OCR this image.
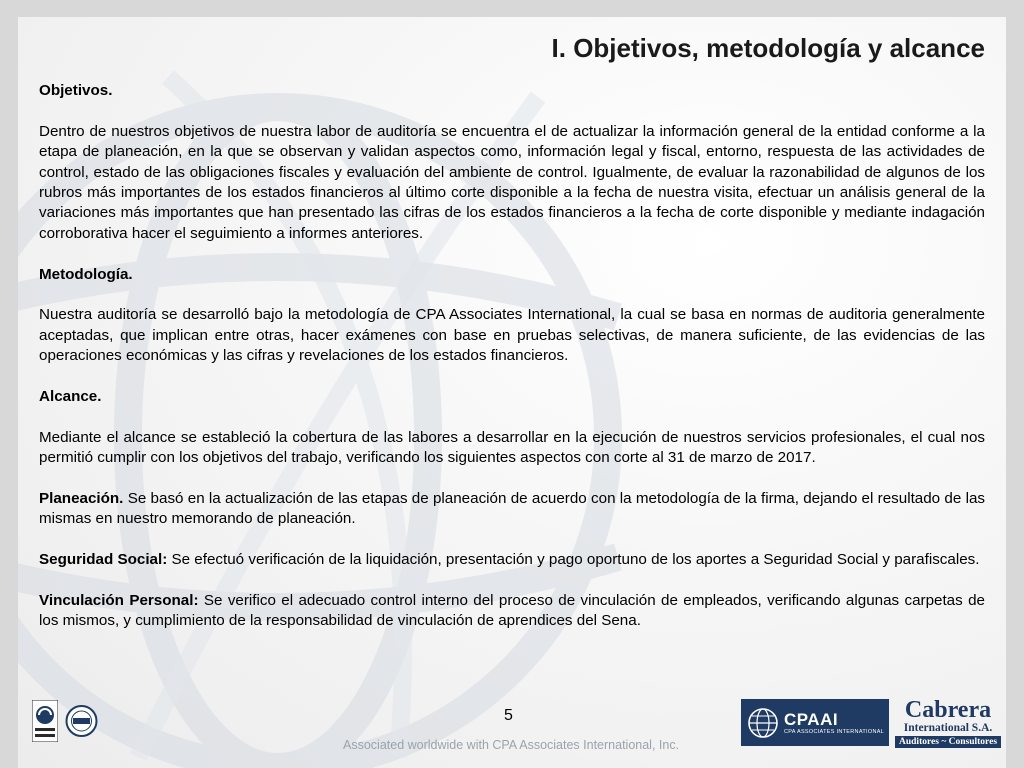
I. Objetivos, metodología y alcance

Objetivos.

Dentro de nuestros objetivos de nuestra labor de auditoría se encuentra el de actualizar la información general de la entidad conforme a la etapa de planeación, en la que se observan y validan aspectos como, información legal y fiscal, entorno, respuesta de las actividades de control, estado de las obligaciones fiscales y evaluación del ambiente de control. Igualmente, de evaluar la razonabilidad de algunos de los rubros más importantes de los estados financieros al último corte disponible a la fecha de nuestra visita, efectuar un análisis general de la variaciones más importantes que han presentado las cifras de los estados financieros a la fecha de corte disponible y mediante indagación corroborativa hacer el seguimiento a informes anteriores.

Metodología.

Nuestra auditoría se desarrolló bajo la metodología de CPA Associates International, la cual se basa en normas de auditoria generalmente aceptadas, que implican entre otras, hacer exámenes con base en pruebas selectivas, de manera suficiente, de las evidencias de las operaciones económicas y las cifras y revelaciones de los estados financieros.

Alcance.

Mediante el alcance se estableció la cobertura de las labores a desarrollar en la ejecución de nuestros servicios profesionales, el cual nos permitió cumplir con los objetivos del trabajo, verificando los siguientes aspectos con corte al 31 de marzo de 2017.

Planeación. Se basó en la actualización de las etapas de planeación de acuerdo con la metodología de la firma, dejando el resultado de las mismas en nuestro memorando de planeación.

Seguridad Social: Se efectuó verificación de la liquidación, presentación y pago oportuno de los aportes a Seguridad Social y parafiscales.

Vinculación Personal: Se verifico el adecuado control interno del proceso de vinculación de empleados, verificando algunas carpetas de los mismos, y cumplimiento de la responsabilidad de vinculación de aprendices del Sena.

5	CPAAI
CPA ASSOCIATES INTERNATIONAL
Cabrera
International S.A.
Auditores ~ Consultores
Associated worldwide with CPA Associates International, Inc.
